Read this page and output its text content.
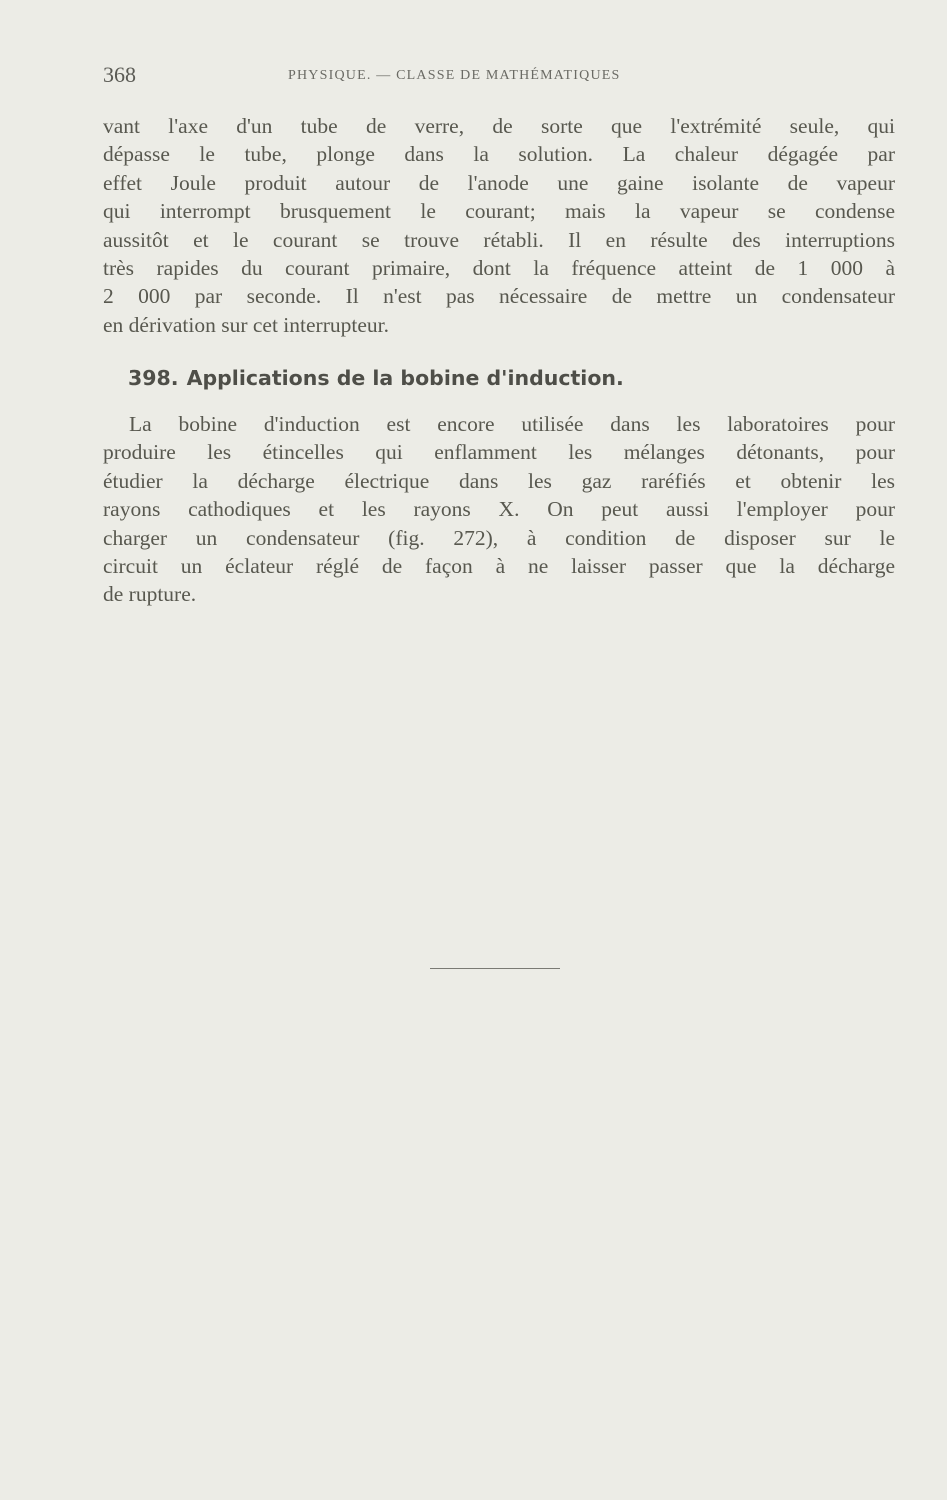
368	PHYSIQUE. — CLASSE DE MATHÉMATIQUES
vant l'axe d'un tube de verre, de sorte que l'extrémité seule, qui
dépasse le tube, plonge dans la solution. La chaleur dégagée par
effet Joule produit autour de l'anode une gaine isolante de vapeur
qui interrompt brusquement le courant; mais la vapeur se condense
aussitôt et le courant se trouve rétabli. Il en résulte des interruptions
très rapides du courant primaire, dont la fréquence atteint de 1 000 à
2 000 par seconde. Il n'est pas nécessaire de mettre un condensateur
en dérivation sur cet interrupteur.
398. Applications de la bobine d'induction.
La bobine d'induction est encore utilisée dans les laboratoires pour
produire les étincelles qui enflamment les mélanges détonants, pour
étudier la décharge électrique dans les gaz raréfiés et obtenir les
rayons cathodiques et les rayons X. On peut aussi l'employer pour
charger un condensateur (fig. 272), à condition de disposer sur le
circuit un éclateur réglé de façon à ne laisser passer que la décharge
de rupture.
